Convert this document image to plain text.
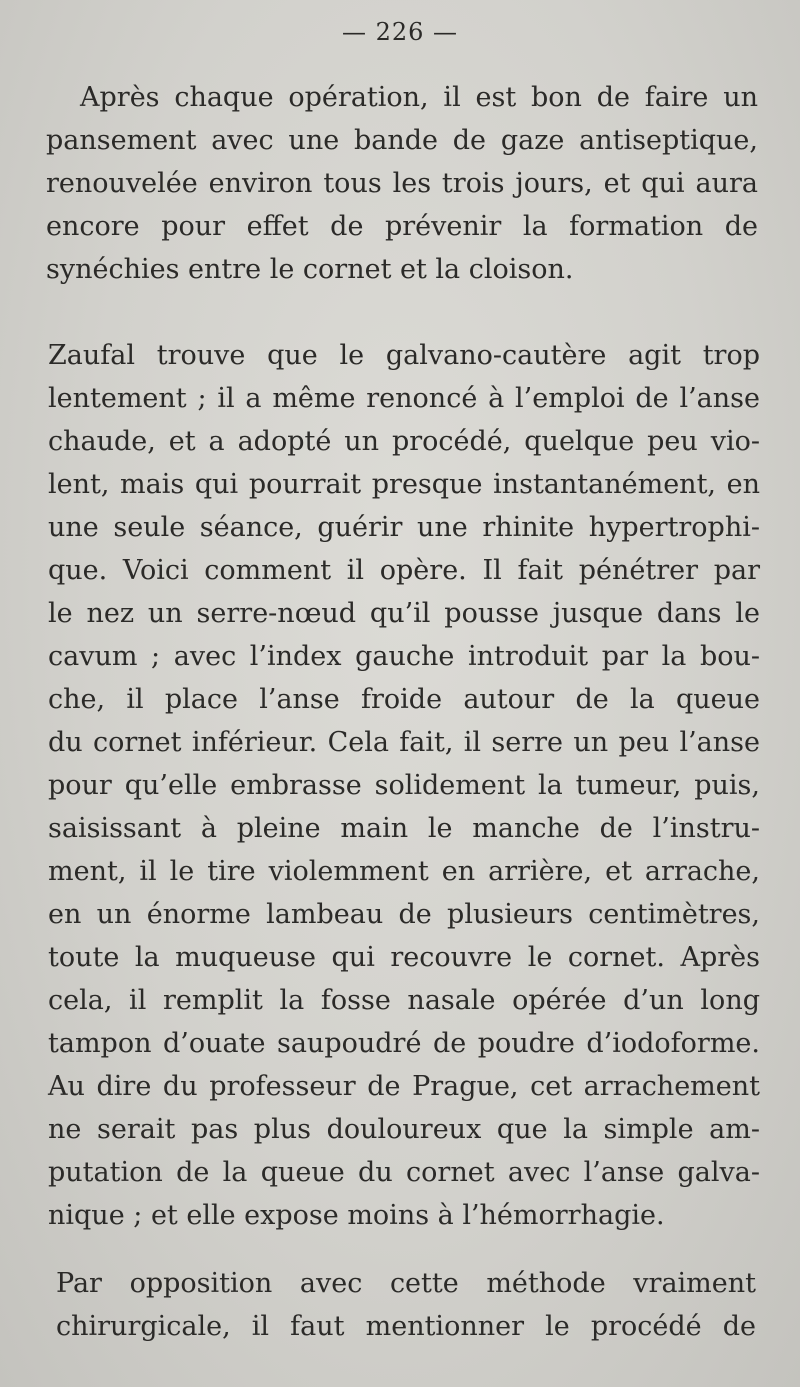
— 226 —
Après chaque opération, il est bon de faire un
pansement avec une bande de gaze antiseptique,
renouvelée environ tous les trois jours, et qui aura
encore pour effet de prévenir la formation de
synéchies entre le cornet et la cloison.
Zaufal trouve que le galvano-cautère agit trop
lentement ; il a même renoncé à l’emploi de l’anse
chaude, et a adopté un procédé, quelque peu vio-
lent, mais qui pourrait presque instantanément, en
une seule séance, guérir une rhinite hypertrophi-
que. Voici comment il opère. Il fait pénétrer par
le nez un serre-nœud qu’il pousse jusque dans le
cavum ; avec l’index gauche introduit par la bou-
che, il place l’anse froide autour de la queue
du cornet inférieur. Cela fait, il serre un peu l’anse
pour qu’elle embrasse solidement la tumeur, puis,
saisissant à pleine main le manche de l’instru-
ment, il le tire violemment en arrière, et arrache,
en un énorme lambeau de plusieurs centimètres,
toute la muqueuse qui recouvre le cornet. Après
cela, il remplit la fosse nasale opérée d’un long
tampon d’ouate saupoudré de poudre d’iodoforme.
Au dire du professeur de Prague, cet arrachement
ne serait pas plus douloureux que la simple am-
putation de la queue du cornet avec l’anse galva-
nique ; et elle expose moins à l’hémorrhagie.
Par opposition avec cette méthode vraiment
chirurgicale, il faut mentionner le procédé de
